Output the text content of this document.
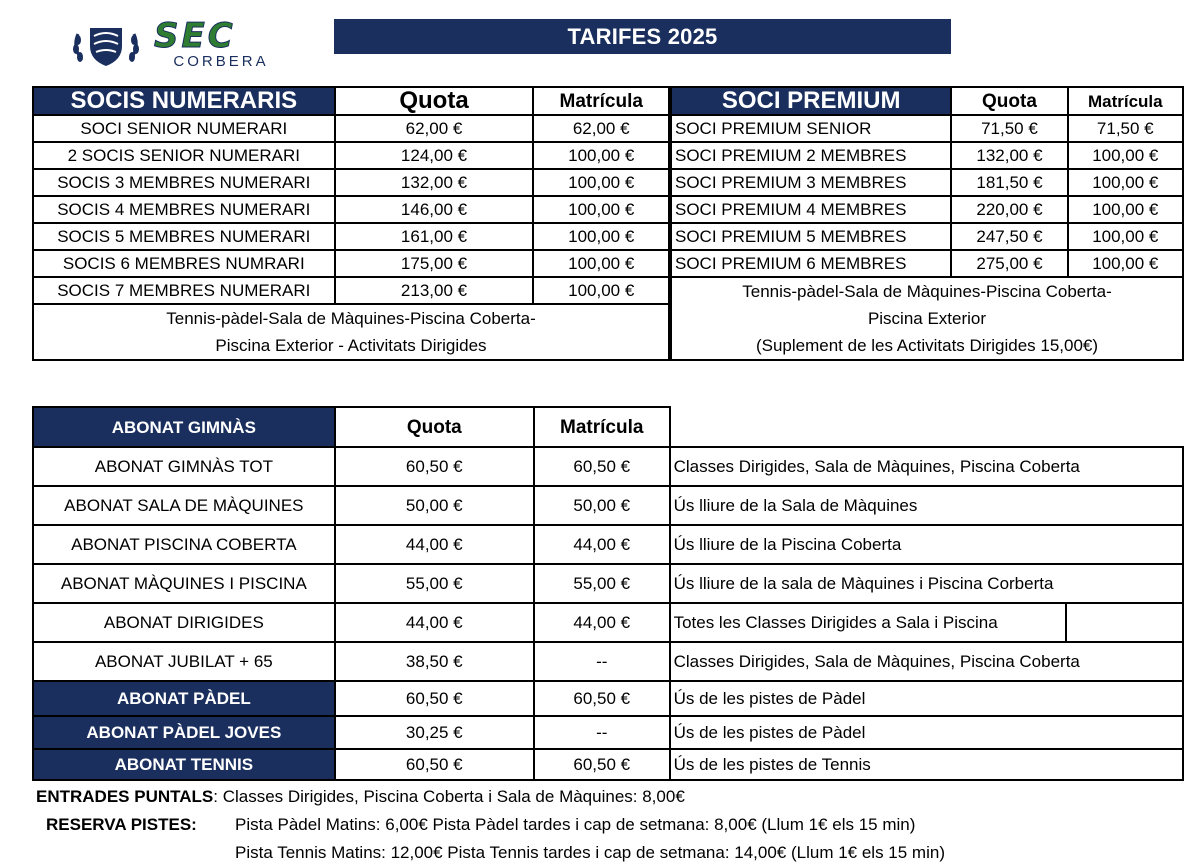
SEC
CORBERA
TARIFES 2025
SOCIS NUMERARIS	Quota	Matrícula
SOCI SENIOR NUMERARI	62,00 €	62,00 €
2 SOCIS SENIOR NUMERARI	124,00 €	100,00 €
SOCIS 3 MEMBRES NUMERARI	132,00 €	100,00 €
SOCIS 4 MEMBRES NUMERARI	146,00 €	100,00 €
SOCIS 5 MEMBRES NUMERARI	161,00 €	100,00 €
SOCIS 6 MEMBRES NUMRARI	175,00 €	100,00 €
SOCIS 7 MEMBRES NUMERARI	213,00 €	100,00 €

Tennis-pàdel-Sala de Màquines-Piscina Coberta-
Piscina Exterior - Activitats Dirigides		
SOCI PREMIUM	Quota	Matrícula
SOCI PREMIUM SENIOR	71,50 €	71,50 €
SOCI PREMIUM 2 MEMBRES	132,00 €	100,00 €
SOCI PREMIUM 3 MEMBRES	181,50 €	100,00 €
SOCI PREMIUM 4 MEMBRES	220,00 €	100,00 €
SOCI PREMIUM 5 MEMBRES	247,50 €	100,00 €
SOCI PREMIUM 6 MEMBRES	275,00 €	100,00 €

Tennis-pàdel-Sala de Màquines-Piscina Coberta-
Piscina Exterior
(Suplement de les Activitats Dirigides 15,00€)		
ABONAT GIMNÀS	Quota	Matrícula		
ABONAT GIMNÀS TOT	60,50 €	60,50 €	Classes Dirigides, Sala de Màquines, Piscina Coberta	
ABONAT SALA DE MÀQUINES	50,00 €	50,00 €	Ús lliure de la Sala de Màquines	
ABONAT PISCINA COBERTA	44,00 €	44,00 €	Ús lliure de la Piscina Coberta	
ABONAT MÀQUINES I PISCINA	55,00 €	55,00 €	Ús lliure de la sala de Màquines i Piscina Corberta	
ABONAT DIRIGIDES	44,00 €	44,00 €	Totes les Classes Dirigides a Sala i Piscina	
ABONAT JUBILAT + 65	38,50 €	--	Classes Dirigides, Sala de Màquines, Piscina Coberta	
ABONAT PÀDEL	60,50 €	60,50 €	Ús de les pistes de Pàdel	
ABONAT PÀDEL JOVES	30,25 €	--	Ús de les pistes de Pàdel	
ABONAT TENNIS	60,50 €	60,50 €	Ús de les pistes de Tennis	
ENTRADES PUNTALS: Classes Dirigides, Piscina Coberta i Sala de Màquines: 8,00€
RESERVA PISTES: Pista Pàdel Matins: 6,00€ Pista Pàdel tardes i cap de setmana: 8,00€ (Llum 1€ els 15 min)
Pista Tennis Matins: 12,00€ Pista Tennis tardes i cap de setmana: 14,00€ (Llum 1€ els 15 min)
